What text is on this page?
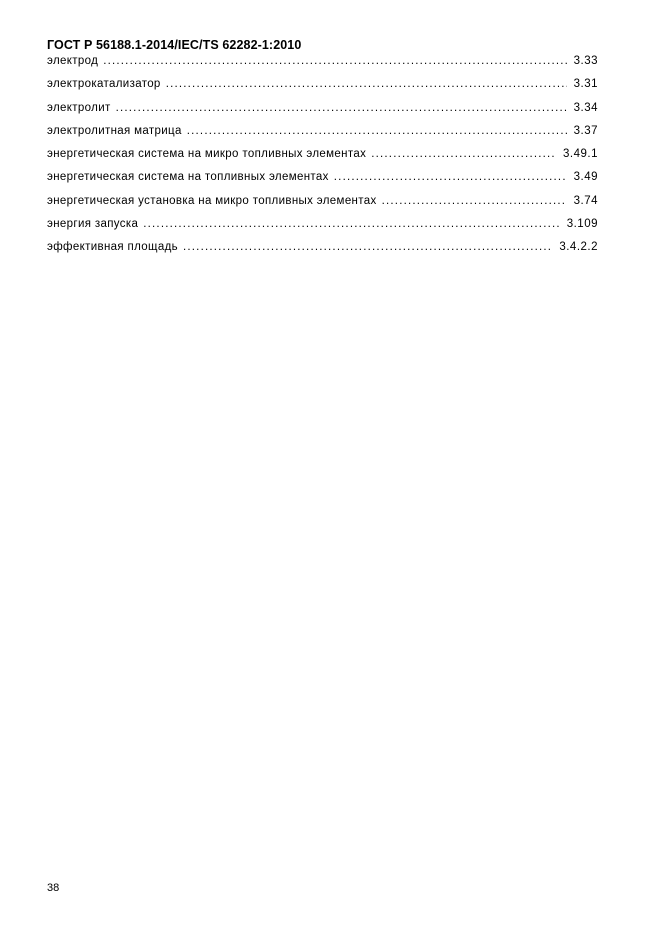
ГОСТ Р 56188.1-2014/IEC/TS 62282-1:2010
электрод .....	3.33
электрокатализатор .....	3.31
электролит .....	3.34
электролитная матрица .....	3.37
энергетическая система на микро топливных элементах .....	3.49.1
энергетическая система на топливных элементах .....	3.49
энергетическая установка на микро топливных элементах .....	3.74
энергия запуска .....	3.109
эффективная площадь .....	3.4.2.2
38
